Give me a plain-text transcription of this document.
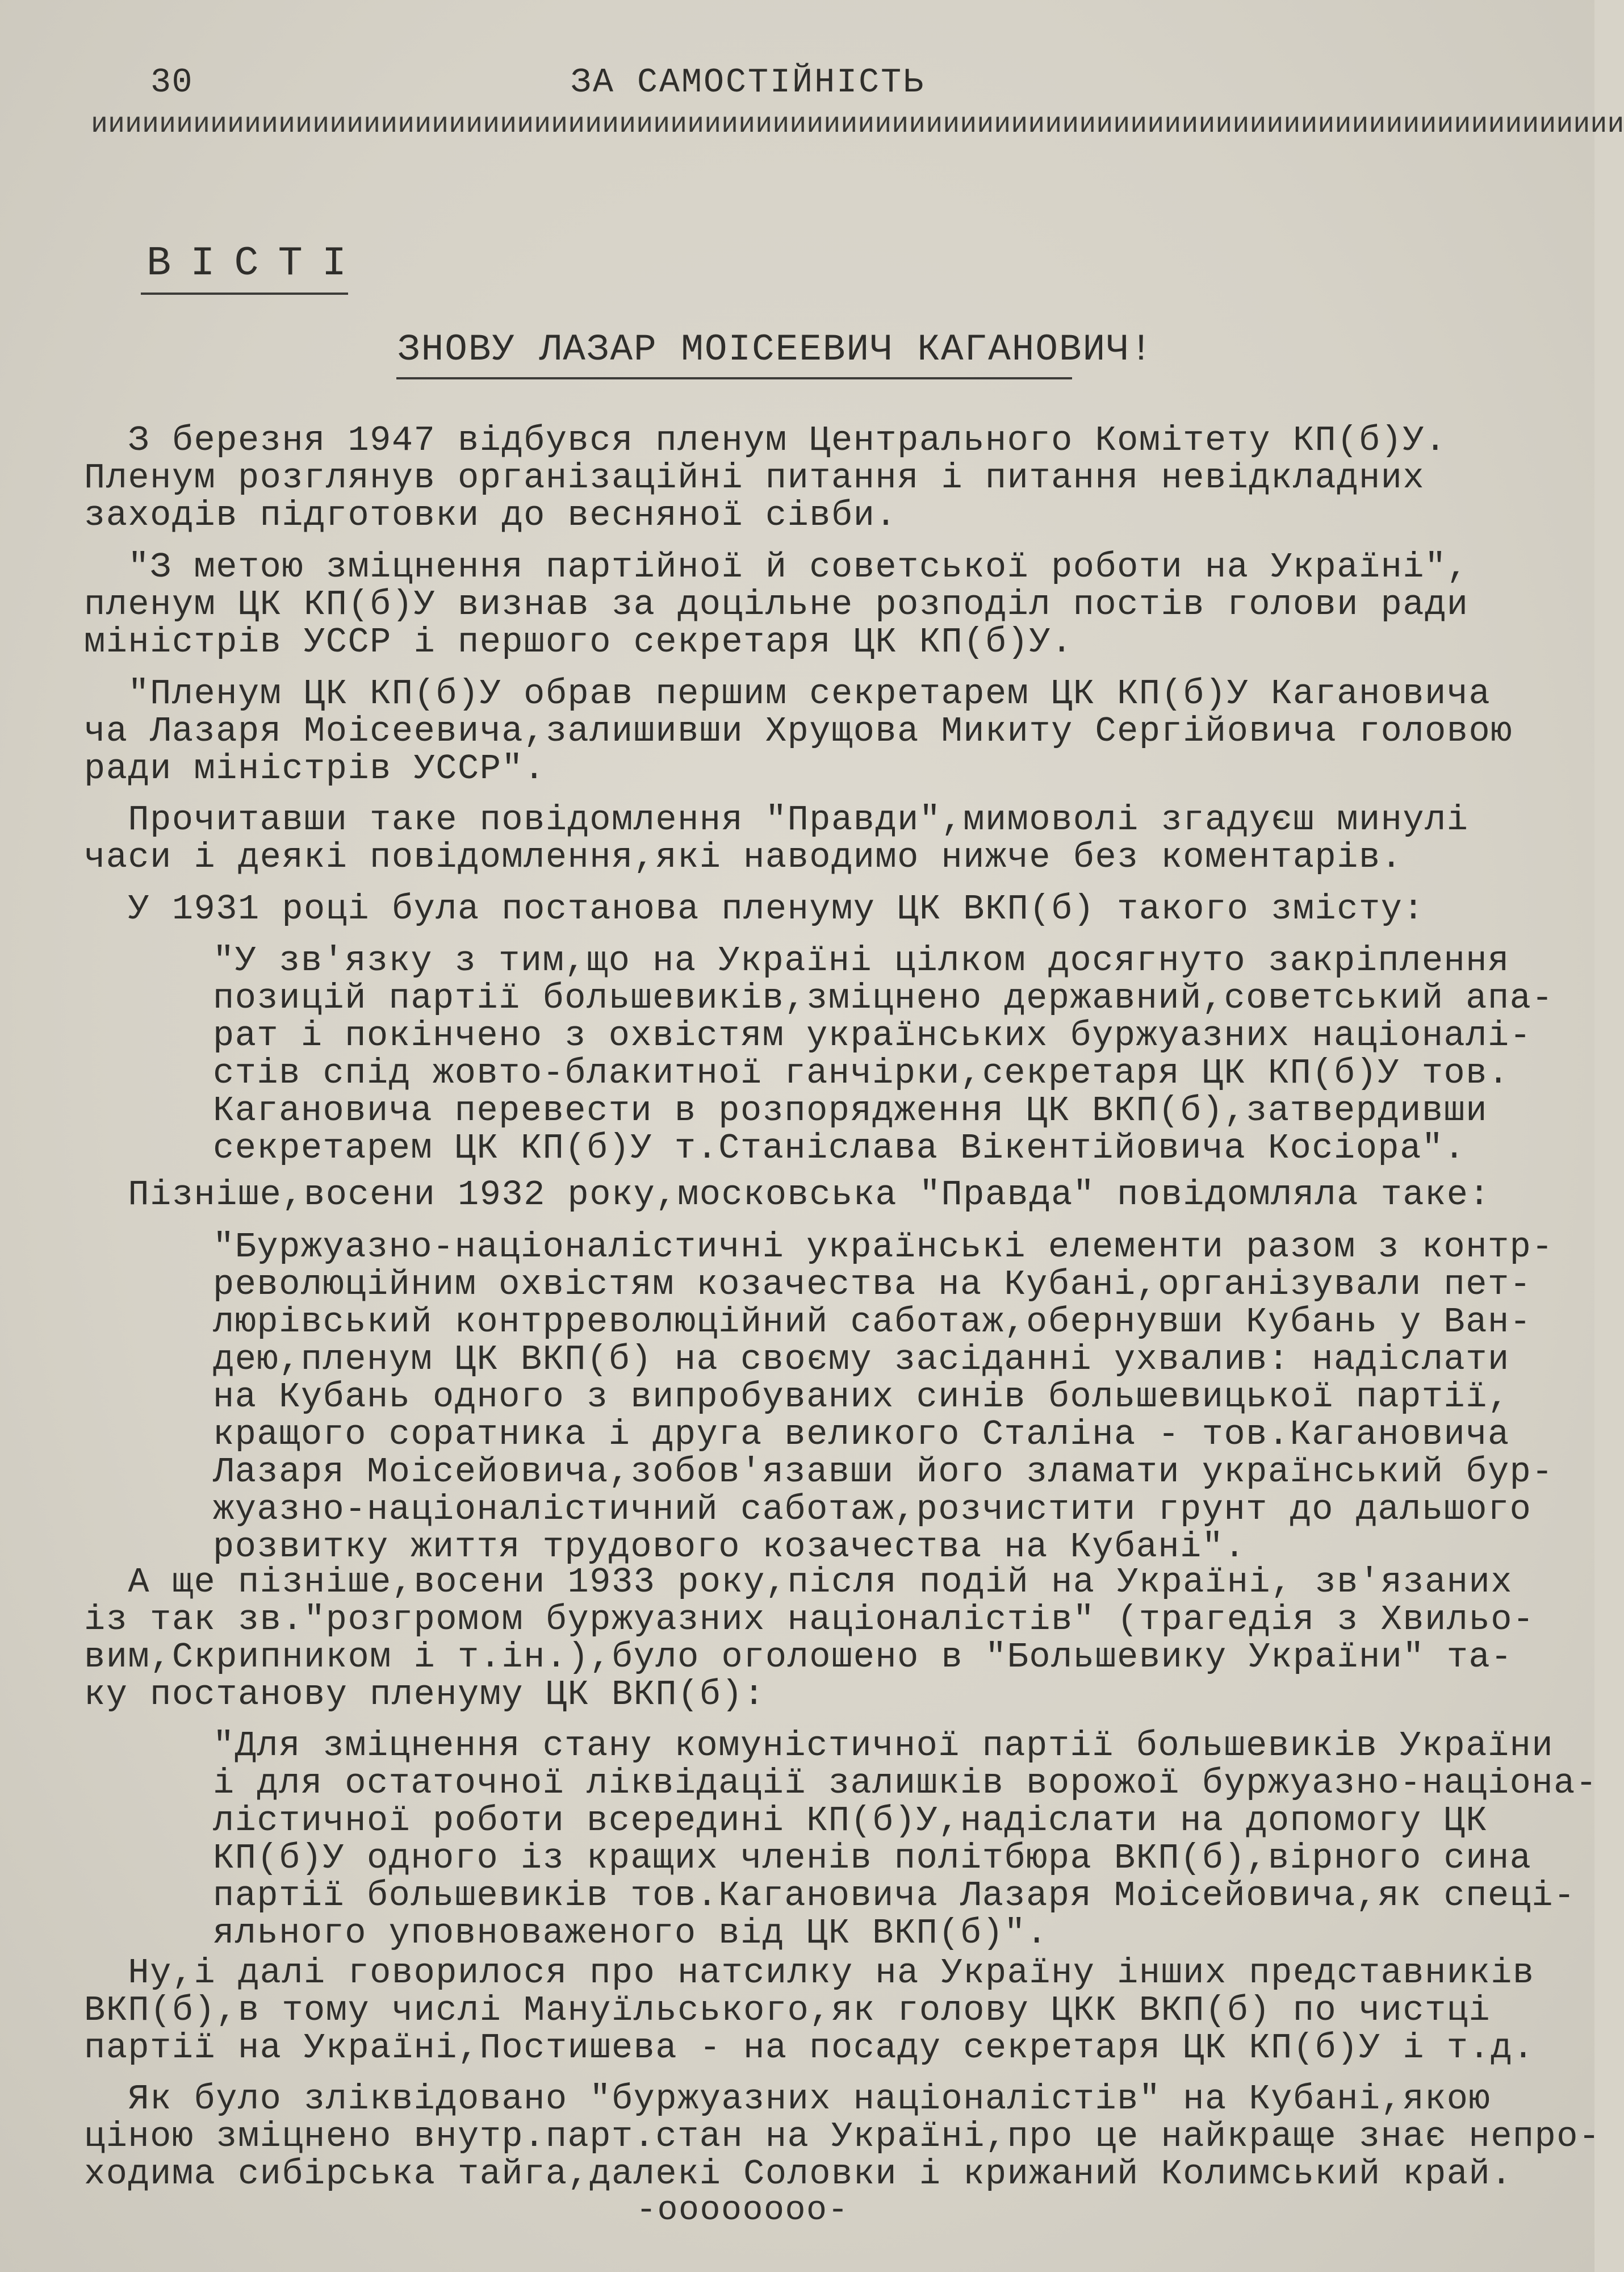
30	ЗА САМОСТІЙНІСТЬ
ииииииииииииииииииииииииииииииииииииииииииииииииииииииииииииииииииииииииииииииииииииииииии
ВІСТІ
ЗНОВУ ЛАЗАР МОІСЕЕВИЧ КАГАНОВИЧ!
З березня 1947 відбувся пленум Центрального Комітету КП(б)У.
Пленум розглянув організаційні питання і питання невідкладних
заходів підготовки до весняної сівби.
"З метою зміцнення партійної й советської роботи на Україні",
пленум ЦК КП(б)У визнав за доцільне розподіл постів голови ради
міністрів УССР і першого секретаря ЦК КП(б)У.
"Пленум ЦК КП(б)У обрав першим секретарем ЦК КП(б)У Кагановича
ча Лазаря Моісеевича,залишивши Хрущова Микиту Сергійовича головою
ради міністрів УССР".
Прочитавши таке повідомлення "Правди",мимоволі згадуєш минулі
часи і деякі повідомлення,які наводимо нижче без коментарів.
У 1931 році була постанова пленуму ЦК ВКП(б) такого змісту:
"У зв'язку з тим,що на Україні цілком досягнуто закріплення
позицій партії большевиків,зміцнено державний,советський апа-
рат і покінчено з охвістям українських буржуазних націоналі-
стів спід жовто-блакитної ганчірки,секретаря ЦК КП(б)У тов.
Кагановича перевести в розпорядження ЦК ВКП(б),затвердивши
секретарем ЦК КП(б)У т.Станіслава Вікентійовича Косіора".
Пізніше,восени 1932 року,московська "Правда" повідомляла таке:
"Буржуазно-націоналістичні українські елементи разом з контр-
революційним охвістям козачества на Кубані,організували пет-
люрівський контрреволюційний саботаж,обернувши Кубань у Ван-
дею,пленум ЦК ВКП(б) на своєму засіданні ухвалив: надіслати
на Кубань одного з випробуваних синів большевицької партії,
кращого соратника і друга великого Сталіна - тов.Кагановича
Лазаря Моісейовича,зобов'язавши його зламати український бур-
жуазно-націоналістичний саботаж,розчистити грунт до дальшого
розвитку життя трудового козачества на Кубані".
А ще пізніше,восени 1933 року,після подій на Україні, зв'язаних
із так зв."розгромом буржуазних націоналістів" (трагедія з Хвильо-
вим,Скрипником і т.ін.),було оголошено в "Большевику України" та-
ку постанову пленуму ЦК ВКП(б):
"Для зміцнення стану комуністичної партії большевиків України
і для остаточної ліквідації залишків ворожої буржуазно-націона-
лістичної роботи всередині КП(б)У,надіслати на допомогу ЦК
КП(б)У одного із кращих членів політбюра ВКП(б),вірного сина
партії большевиків тов.Кагановича Лазаря Моісейовича,як спеці-
яльного уповноваженого від ЦК ВКП(б)".
Ну,і далі говорилося про натсилку на Україну інших представників
ВКП(б),в тому числі Мануїльського,як голову ЦКК ВКП(б) по чистці
партії на Україні,Постишева - на посаду секретаря ЦК КП(б)У і т.д.
Як було зліквідовано "буржуазних націоналістів" на Кубані,якою
ціною зміцнено внутр.парт.стан на Україні,про це найкраще знає непро-
ходима сибірська тайга,далекі Соловки і крижаний Колимський край.
-оооооооо-
